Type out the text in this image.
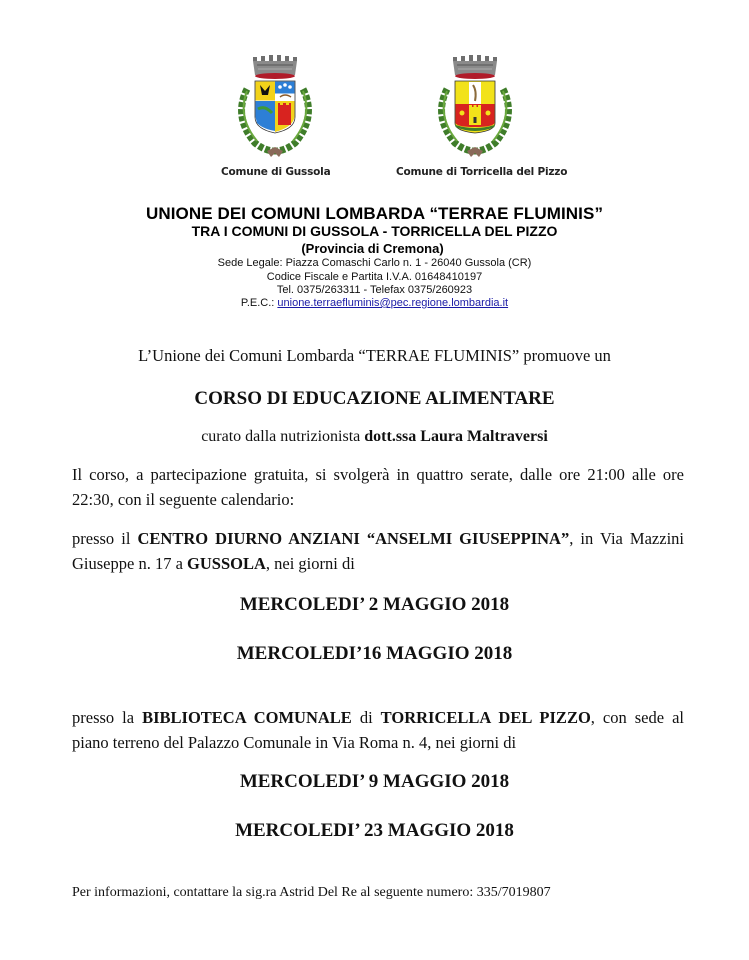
Comune di Gussola	Comune di Torricella del Pizzo
UNIONE DEI COMUNI LOMBARDA “TERRAE FLUMINIS”
TRA I COMUNI DI GUSSOLA - TORRICELLA DEL PIZZO
(Provincia di Cremona)
Sede Legale: Piazza Comaschi Carlo n. 1 - 26040 Gussola (CR)
Codice Fiscale e Partita I.V.A. 01648410197
Tel. 0375/263311 - Telefax 0375/260923
P.E.C.: unione.terraefluminis@pec.regione.lombardia.it
L’Unione dei Comuni Lombarda “TERRAE FLUMINIS” promuove un
CORSO DI EDUCAZIONE ALIMENTARE
curato dalla nutrizionista dott.ssa Laura Maltraversi
Il corso, a partecipazione gratuita, si svolgerà in quattro serate, dalle ore 21:00 alle ore 22:30, con il seguente calendario:
presso il CENTRO DIURNO ANZIANI “ANSELMI GIUSEPPINA”, in Via Mazzini Giuseppe n. 17 a GUSSOLA, nei giorni di
MERCOLEDI’ 2 MAGGIO 2018
MERCOLEDI’16 MAGGIO 2018
presso la BIBLIOTECA COMUNALE di TORRICELLA DEL PIZZO, con sede al piano terreno del Palazzo Comunale in Via Roma n. 4, nei giorni di
MERCOLEDI’ 9 MAGGIO 2018
MERCOLEDI’ 23 MAGGIO 2018
Per informazioni, contattare la sig.ra Astrid Del Re al seguente numero: 335/7019807
